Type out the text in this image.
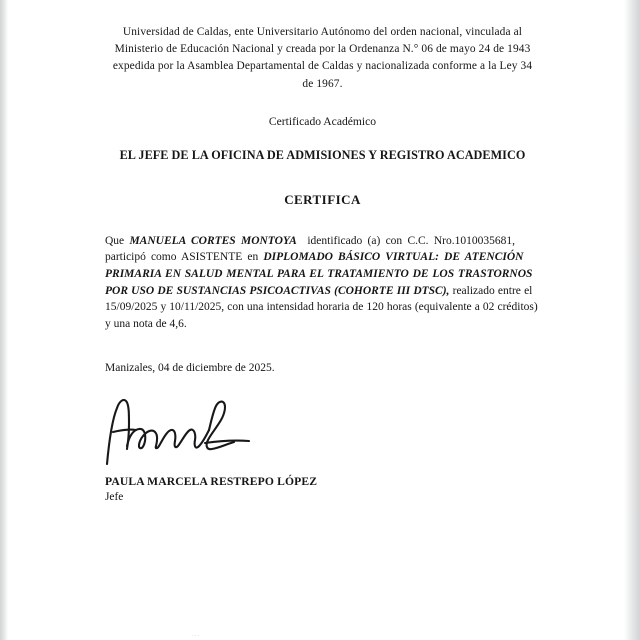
Universidad de Caldas, ente Universitario Autónomo del orden nacional, vinculada al
Ministerio de Educación Nacional y creada por la Ordenanza N.° 06 de mayo 24 de 1943
expedida por la Asamblea Departamental de Caldas y nacionalizada conforme a la Ley 34
de 1967.
Certificado Académico
EL JEFE DE LA OFICINA DE ADMISIONES Y REGISTRO ACADEMICO
CERTIFICA
Que MANUELA CORTES MONTOYA identificado (a) con C.C. Nro.1010035681,
participó como ASISTENTE en DIPLOMADO BÁSICO VIRTUAL: DE ATENCIÓN
PRIMARIA EN SALUD MENTAL PARA EL TRATAMIENTO DE LOS TRASTORNOS
POR USO DE SUSTANCIAS PSICOACTIVAS (COHORTE III DTSC), realizado entre el
15/09/2025 y 10/11/2025, con una intensidad horaria de 120 horas (equivalente a 02 créditos)
y una nota de 4,6.
Manizales, 04 de diciembre de 2025.
PAULA MARCELA RESTREPO LÓPEZ
Jefe
...
